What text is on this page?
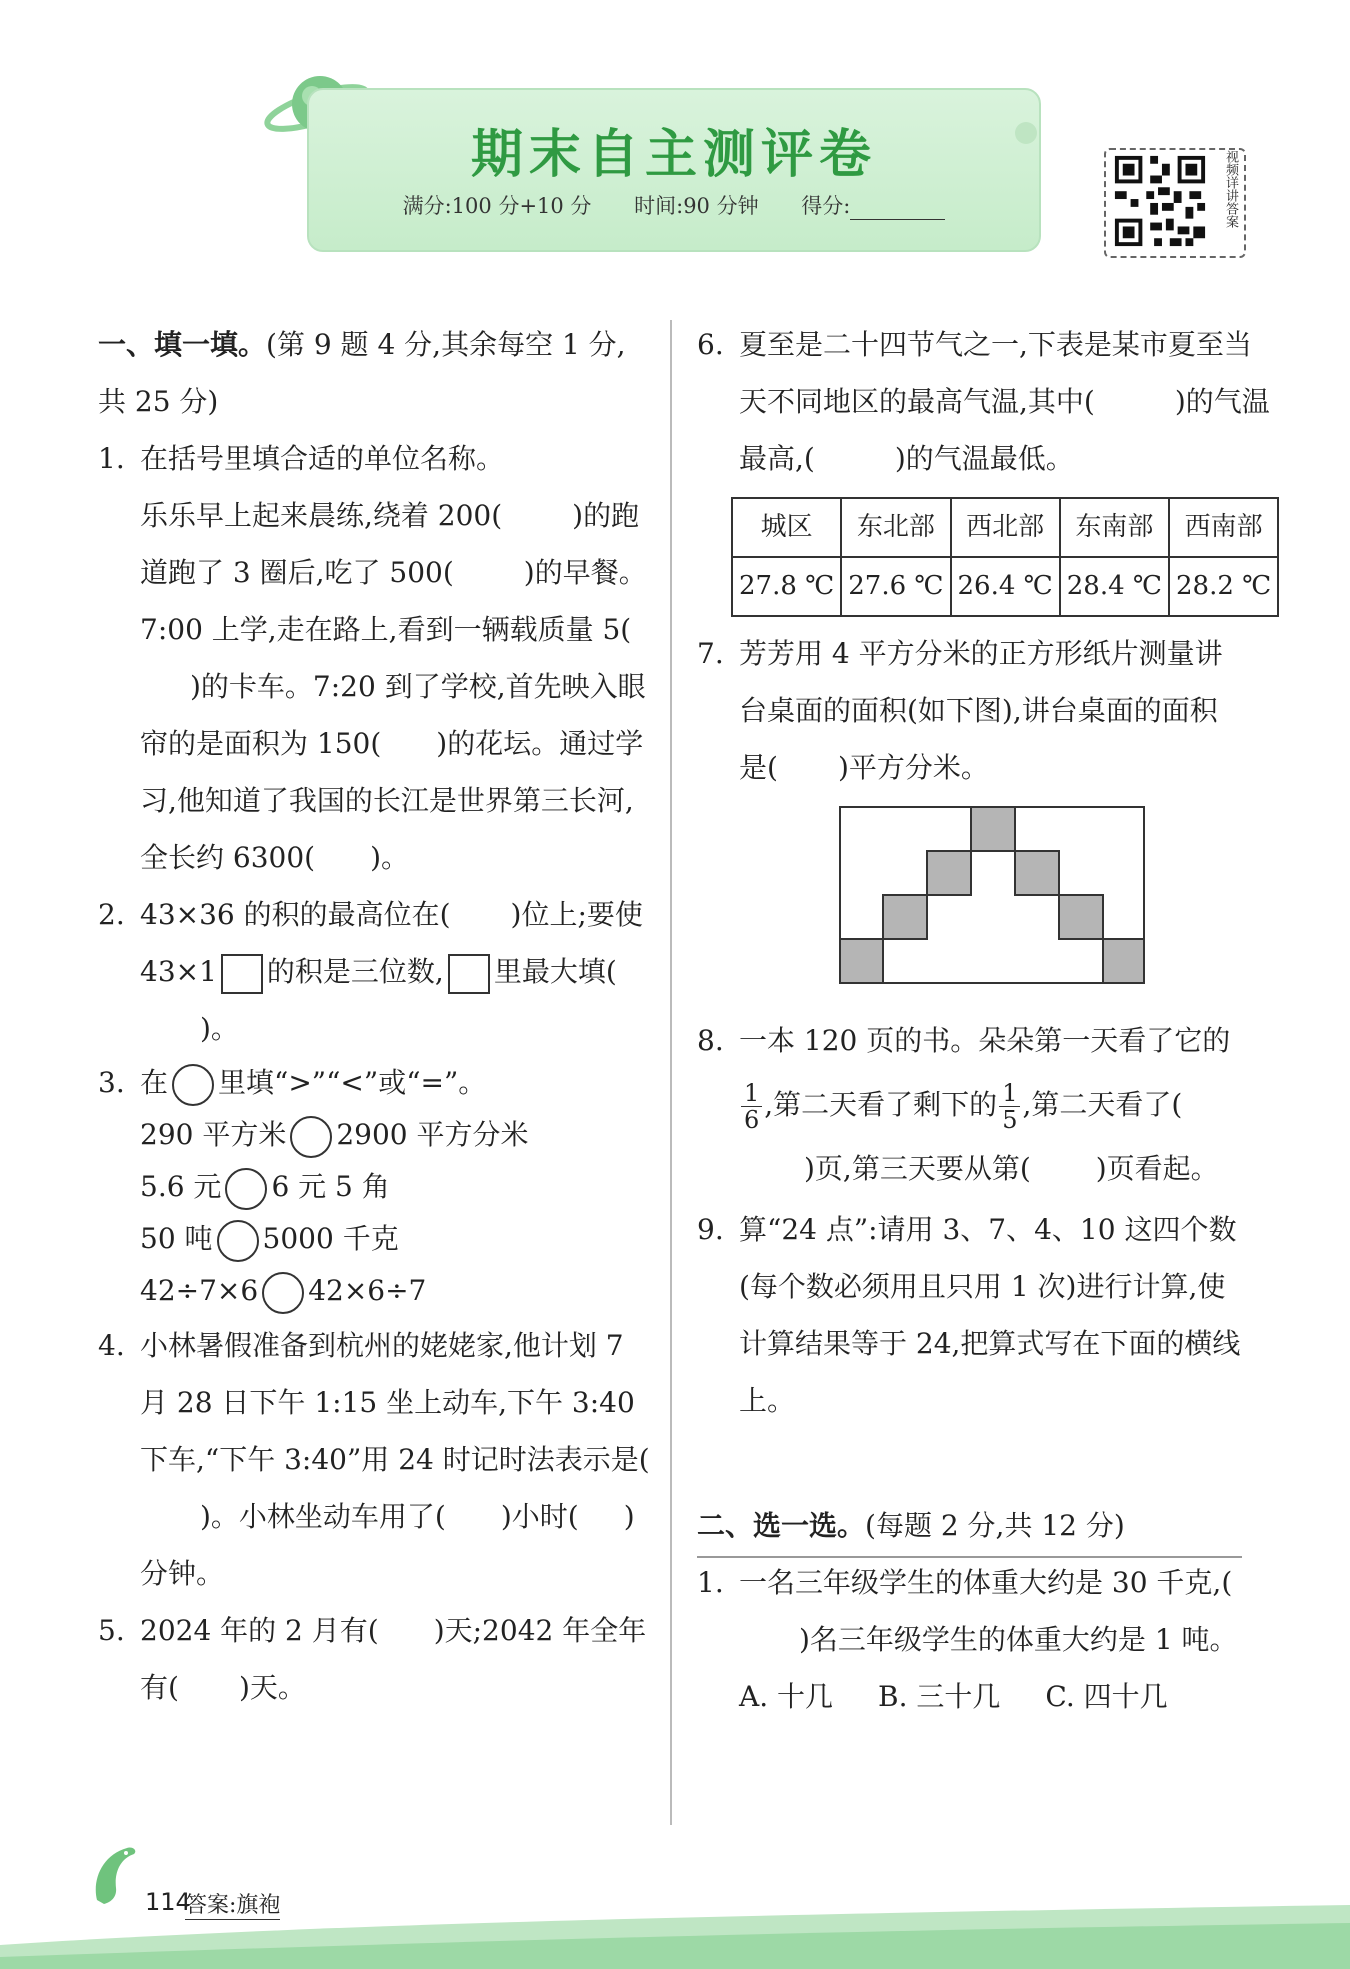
期末自主测评卷
满分:100 分+10 分 时间:90 分钟 得分:	视频详讲答案
一、填一填。(第 9 题 4 分,其余每空 1 分,共 25 分)
1. 在括号里填合适的单位名称。
乐乐早上起来晨练,绕着 200(	)的跑道跑了 3 圈后,吃了 500(	)的早餐。7:00 上学,走在路上,看到一辆载质量 5()的卡车。7:20 到了学校,首先映入眼帘的是面积为 150( )的花坛。通过学习,他知道了我国的长江是世界第三长河,全长约 6300( )。
2. 43×36 的积的最高位在( )位上;要使 43×1 的积是三位数, 里最大填()。
3. 在 里填“>”“<”或“=”。
290 平方米 2900 平方分米
5.6 元 6 元 5 角
50 吨 5000 千克
42÷7×6 42×6÷7
4. 小林暑假准备到杭州的姥姥家,他计划 7 月 28 日下午 1:15 坐上动车,下午 3:40 下车,“下午 3:40”用 24 时记时法表示是()。小林坐动车用了( )小时( )分钟。
5. 2024 年的 2 月有( )天;2042 年全年有( )天。
6. 夏至是二十四节气之一,下表是某市夏至当天不同地区的最高气温,其中(	)的气温最高,(	)的气温最低。
城区	东北部	西北部	东南部	西南部
27.8 ℃	27.6 ℃	26.4 ℃	28.4 ℃	28.2 ℃
7. 芳芳用 4 平方分米的正方形纸片测量讲台桌面的面积(如下图),讲台桌面的面积是( )平方分米。
8. 一本 120 页的书。朵朵第一天看了它的
$\frac{1}{6}$ ,第二天看了剩下的 $\frac{1}{5}$ ,第二天看了()页,第三天要从第( )页看起。
9. 算“24 点”:请用 3、7、4、10 这四个数(每个数必须用且只用 1 次)进行计算,使计算结果等于 24,把算式写在下面的横线上。
二、选一选。(每题 2 分,共 12 分)
1. 一名三年级学生的体重大约是 30 千克,()名三年级学生的体重大约是 1 吨。
A. 十几 B. 三十几 C. 四十几
114
答案:旗袍
